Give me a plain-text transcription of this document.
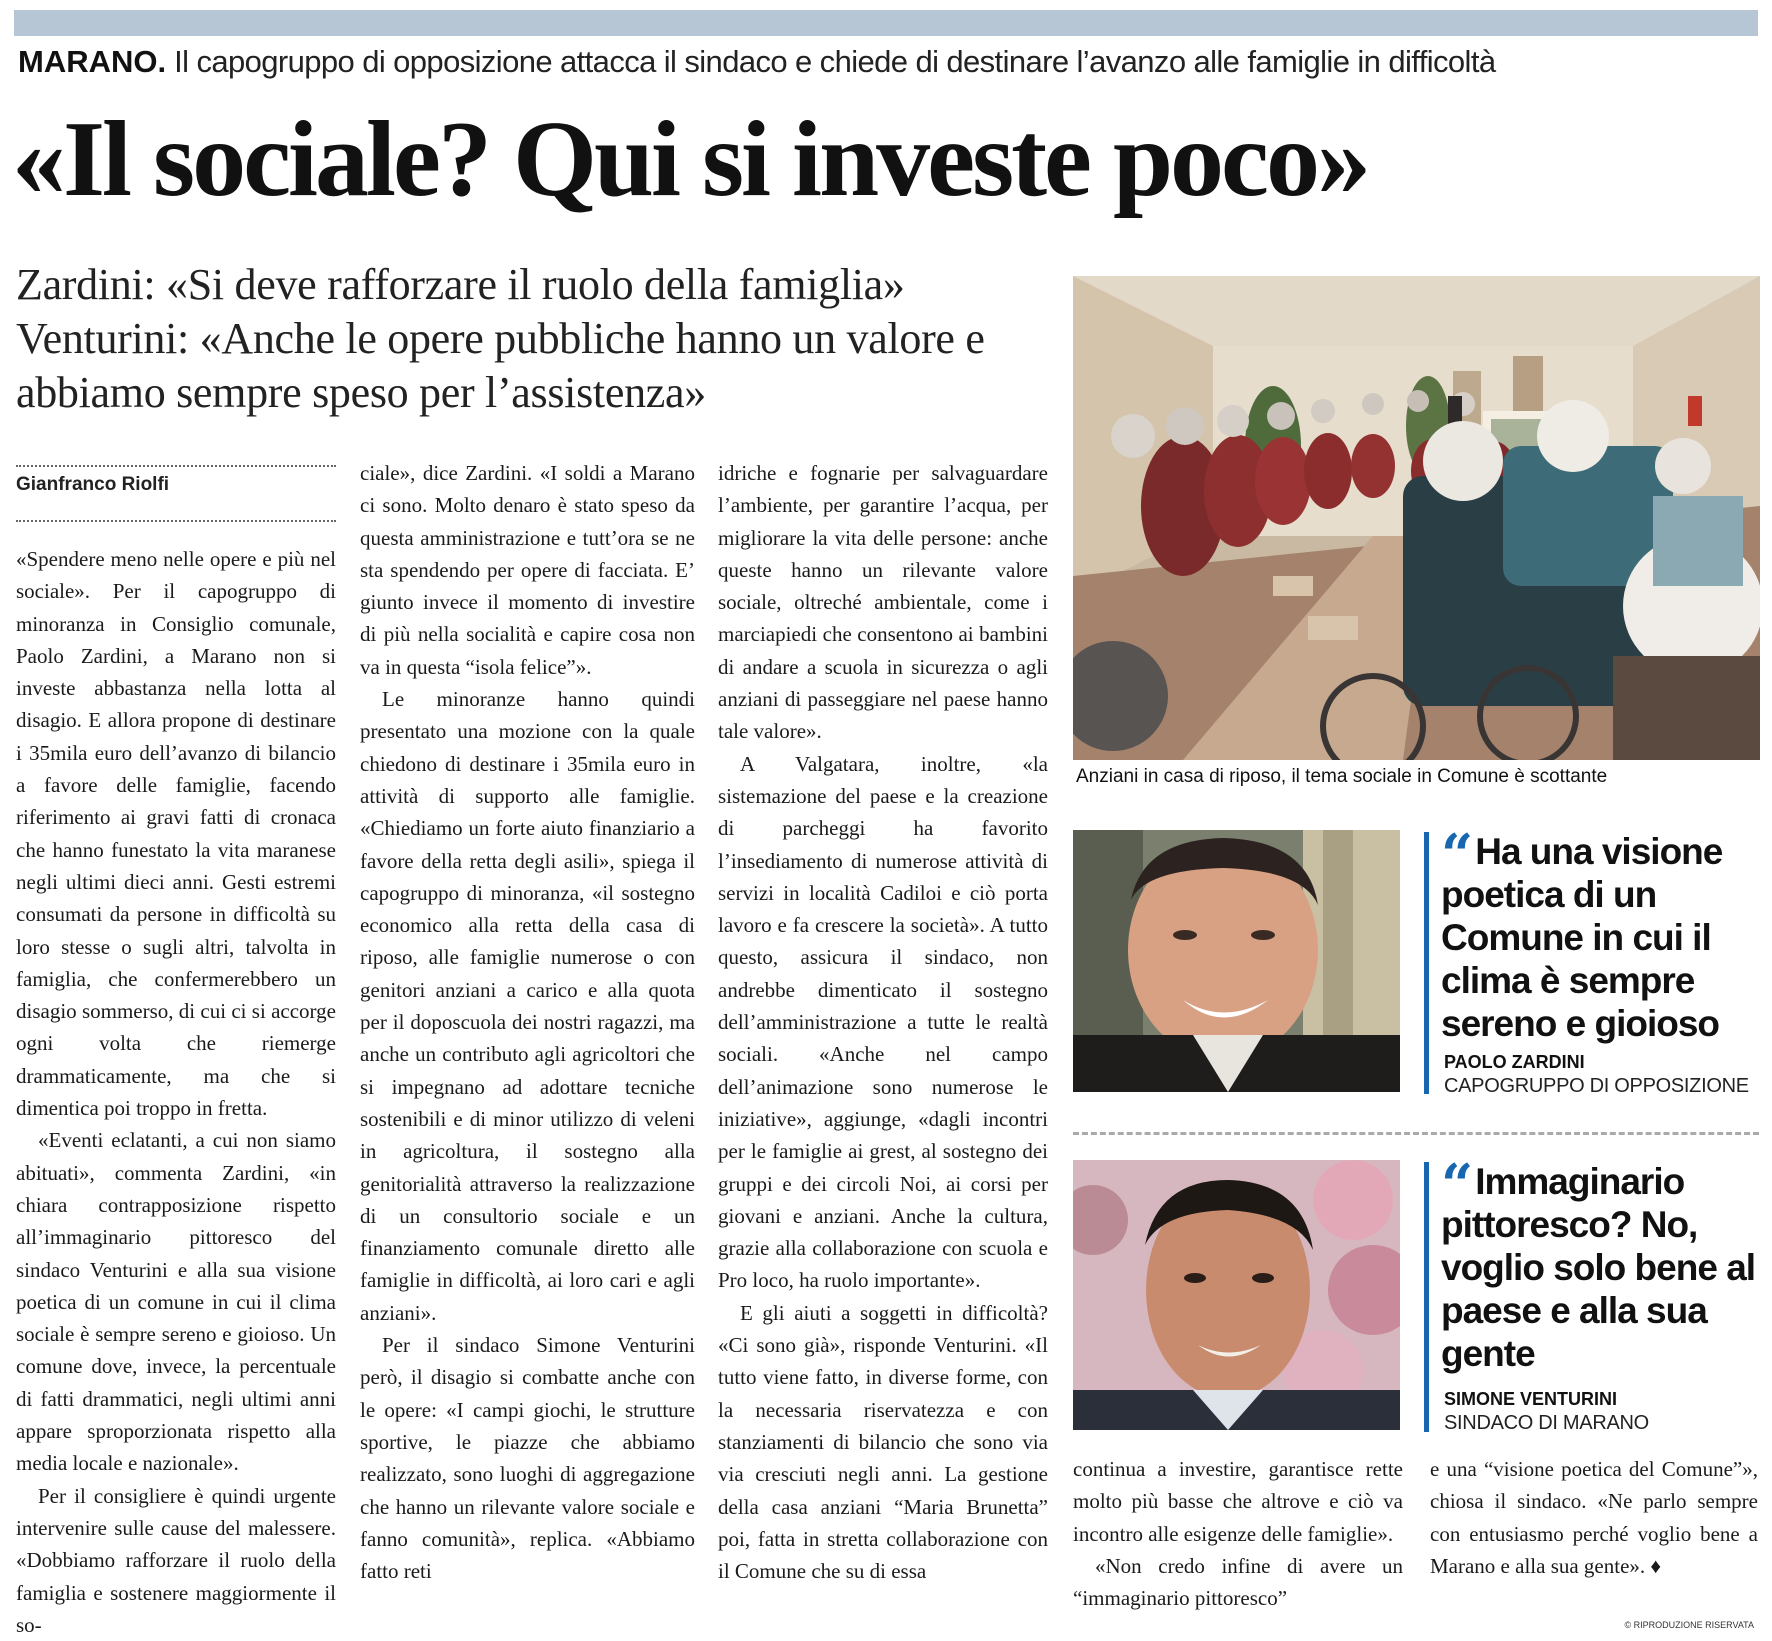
MARANO. Il capogruppo di opposizione attacca il sindaco e chiede di destinare l’avanzo alle famiglie in difficoltà
«Il sociale? Qui si investe poco»
Zardini: «Si deve rafforzare il ruolo della famiglia»
Venturini: «Anche le opere pubbliche hanno un valore e abbiamo sempre speso per l’assistenza»
Gianfranco Riolfi

«Spendere meno nelle opere e più nel sociale». Per il capogruppo di minoranza in Consiglio comunale, Paolo Zardini, a Marano non si investe abbastanza nella lotta al disagio. E allora propone di destinare i 35mila euro dell’avanzo di bilancio a favore delle famiglie, facendo riferimento ai gravi fatti di cronaca che hanno funestato la vita maranese negli ultimi dieci anni. Gesti estremi consumati da persone in difficoltà su loro stesse o sugli altri, talvolta in famiglia, che confermerebbero un disagio sommerso, di cui ci si accorge ogni volta che riemerge drammaticamente, ma che si dimentica poi troppo in fretta.

«Eventi eclatanti, a cui non siamo abituati», commenta Zardini, «in chiara contrapposizione rispetto all’immaginario pittoresco del sindaco Venturini e alla sua visione poetica di un comune in cui il clima sociale è sempre sereno e gioioso. Un comune dove, invece, la percentuale di fatti drammatici, negli ultimi anni appare sproporzionata rispetto alla media locale e nazionale».

Per il consigliere è quindi urgente intervenire sulle cause del malessere. «Dobbiamo rafforzare il ruolo della famiglia e sostenere maggiormente il so-

ciale», dice Zardini. «I soldi a Marano ci sono. Molto denaro è stato speso da questa amministrazione e tutt’ora se ne sta spendendo per opere di facciata. E’ giunto invece il momento di investire di più nella socialità e capire cosa non va in questa “isola felice”».

Le minoranze hanno quindi presentato una mozione con la quale chiedono di destinare i 35mila euro in attività di supporto alle famiglie. «Chiediamo un forte aiuto finanziario a favore della retta degli asili», spiega il capogruppo di minoranza, «il sostegno economico alla retta della casa di riposo, alle famiglie numerose o con genitori anziani a carico e alla quota per il doposcuola dei nostri ragazzi, ma anche un contributo agli agricoltori che si impegnano ad adottare tecniche sostenibili e di minor utilizzo di veleni in agricoltura, il sostegno alla genitorialità attraverso la realizzazione di un consultorio sociale e un finanziamento comunale diretto alle famiglie in difficoltà, ai loro cari e agli anziani».

Per il sindaco Simone Venturini però, il disagio si combatte anche con le opere: «I campi giochi, le strutture sportive, le piazze che abbiamo realizzato, sono luoghi di aggregazione che hanno un rilevante valore sociale e fanno comunità», replica. «Abbiamo fatto reti

idriche e fognarie per salvaguardare l’ambiente, per garantire l’acqua, per migliorare la vita delle persone: anche queste hanno un rilevante valore sociale, oltreché ambientale, come i marciapiedi che consentono ai bambini di andare a scuola in sicurezza o agli anziani di passeggiare nel paese hanno tale valore».

A Valgatara, inoltre, «la sistemazione del paese e la creazione di parcheggi ha favorito l’insediamento di numerose attività di servizi in località Cadiloi e ciò porta lavoro e fa crescere la società». A tutto questo, assicura il sindaco, non andrebbe dimenticato il sostegno dell’amministrazione a tutte le realtà sociali. «Anche nel campo dell’animazione sono numerose le iniziative», aggiunge, «dagli incontri per le famiglie ai grest, al sostegno dei gruppi e dei circoli Noi, ai corsi per giovani e anziani. Anche la cultura, grazie alla collaborazione con scuola e Pro loco, ha ruolo importante».

E gli aiuti a soggetti in difficoltà? «Ci sono già», risponde Venturini. «Il tutto viene fatto, in diverse forme, con la necessaria riservatezza e con stanziamenti di bilancio che sono via via cresciuti negli anni. La gestione della casa anziani “Maria Brunetta” poi, fatta in stretta collaborazione con il Comune che su di essa

Anziani in casa di riposo, il tema sociale in Comune è scottante
“ Ha una visione poetica di un Comune in cui il clima è sempre sereno e gioioso
PAOLO ZARDINI
CAPOGRUPPO DI OPPOSIZIONE
“ Immaginario pittoresco? No, voglio solo bene al paese e alla sua gente
SIMONE VENTURINI
SINDACO DI MARANO

continua a investire, garantisce rette molto più basse che altrove e ciò va incontro alle esigenze delle famiglie».

«Non credo infine di avere un “immaginario pittoresco”

e una “visione poetica del Comune”», chiosa il sindaco. «Ne parlo sempre con entusiasmo perché voglio bene a Marano e alla sua gente». ♦

© RIPRODUZIONE RISERVATA
